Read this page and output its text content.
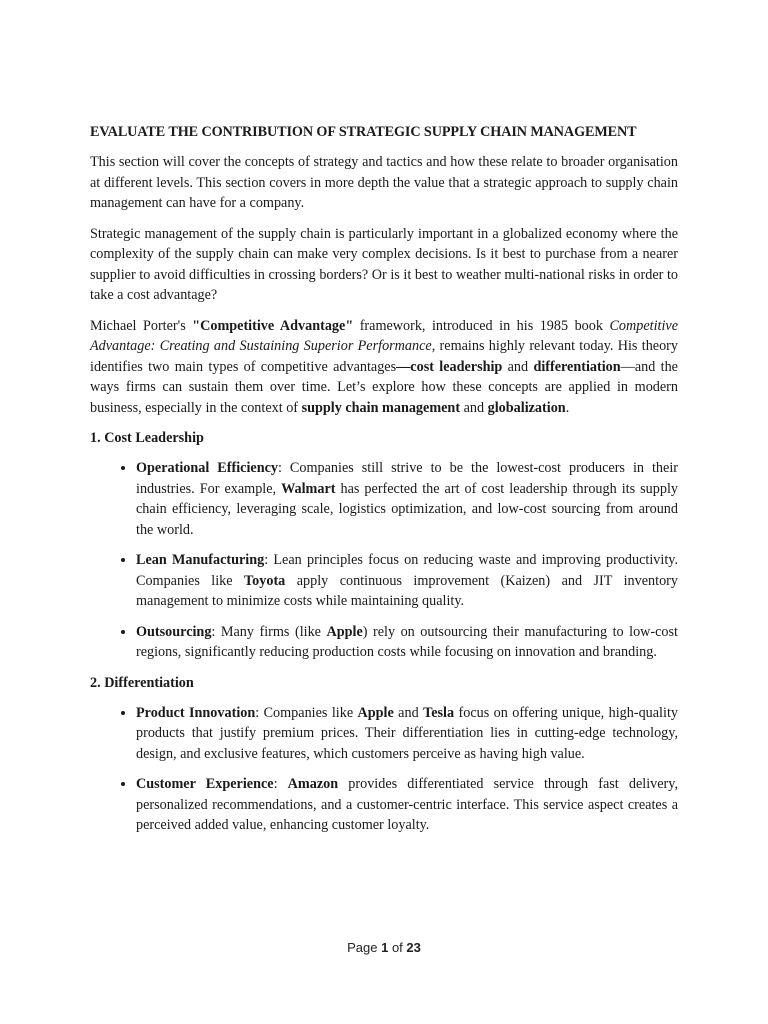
EVALUATE THE CONTRIBUTION OF STRATEGIC SUPPLY CHAIN MANAGEMENT

This section will cover the concepts of strategy and tactics and how these relate to broader organisation at different levels. This section covers in more depth the value that a strategic approach to supply chain management can have for a company.

Strategic management of the supply chain is particularly important in a globalized economy where the complexity of the supply chain can make very complex decisions. Is it best to purchase from a nearer supplier to avoid difficulties in crossing borders? Or is it best to weather multi-national risks in order to take a cost advantage?

Michael Porter's "Competitive Advantage" framework, introduced in his 1985 book Competitive Advantage: Creating and Sustaining Superior Performance, remains highly relevant today. His theory identifies two main types of competitive advantages—cost leadership and differentiation—and the ways firms can sustain them over time. Let’s explore how these concepts are applied in modern business, especially in the context of supply chain management and globalization.

1. Cost Leadership
• Operational Efficiency: Companies still strive to be the lowest-cost producers in their industries. For example, Walmart has perfected the art of cost leadership through its supply chain efficiency, leveraging scale, logistics optimization, and low-cost sourcing from around the world.
• Lean Manufacturing: Lean principles focus on reducing waste and improving productivity. Companies like Toyota apply continuous improvement (Kaizen) and JIT inventory management to minimize costs while maintaining quality.
• Outsourcing: Many firms (like Apple) rely on outsourcing their manufacturing to low-cost regions, significantly reducing production costs while focusing on innovation and branding.
2. Differentiation
• Product Innovation: Companies like Apple and Tesla focus on offering unique, high-quality products that justify premium prices. Their differentiation lies in cutting-edge technology, design, and exclusive features, which customers perceive as having high value.
• Customer Experience: Amazon provides differentiated service through fast delivery, personalized recommendations, and a customer-centric interface. This service aspect creates a perceived added value, enhancing customer loyalty.
Page 1 of 23
